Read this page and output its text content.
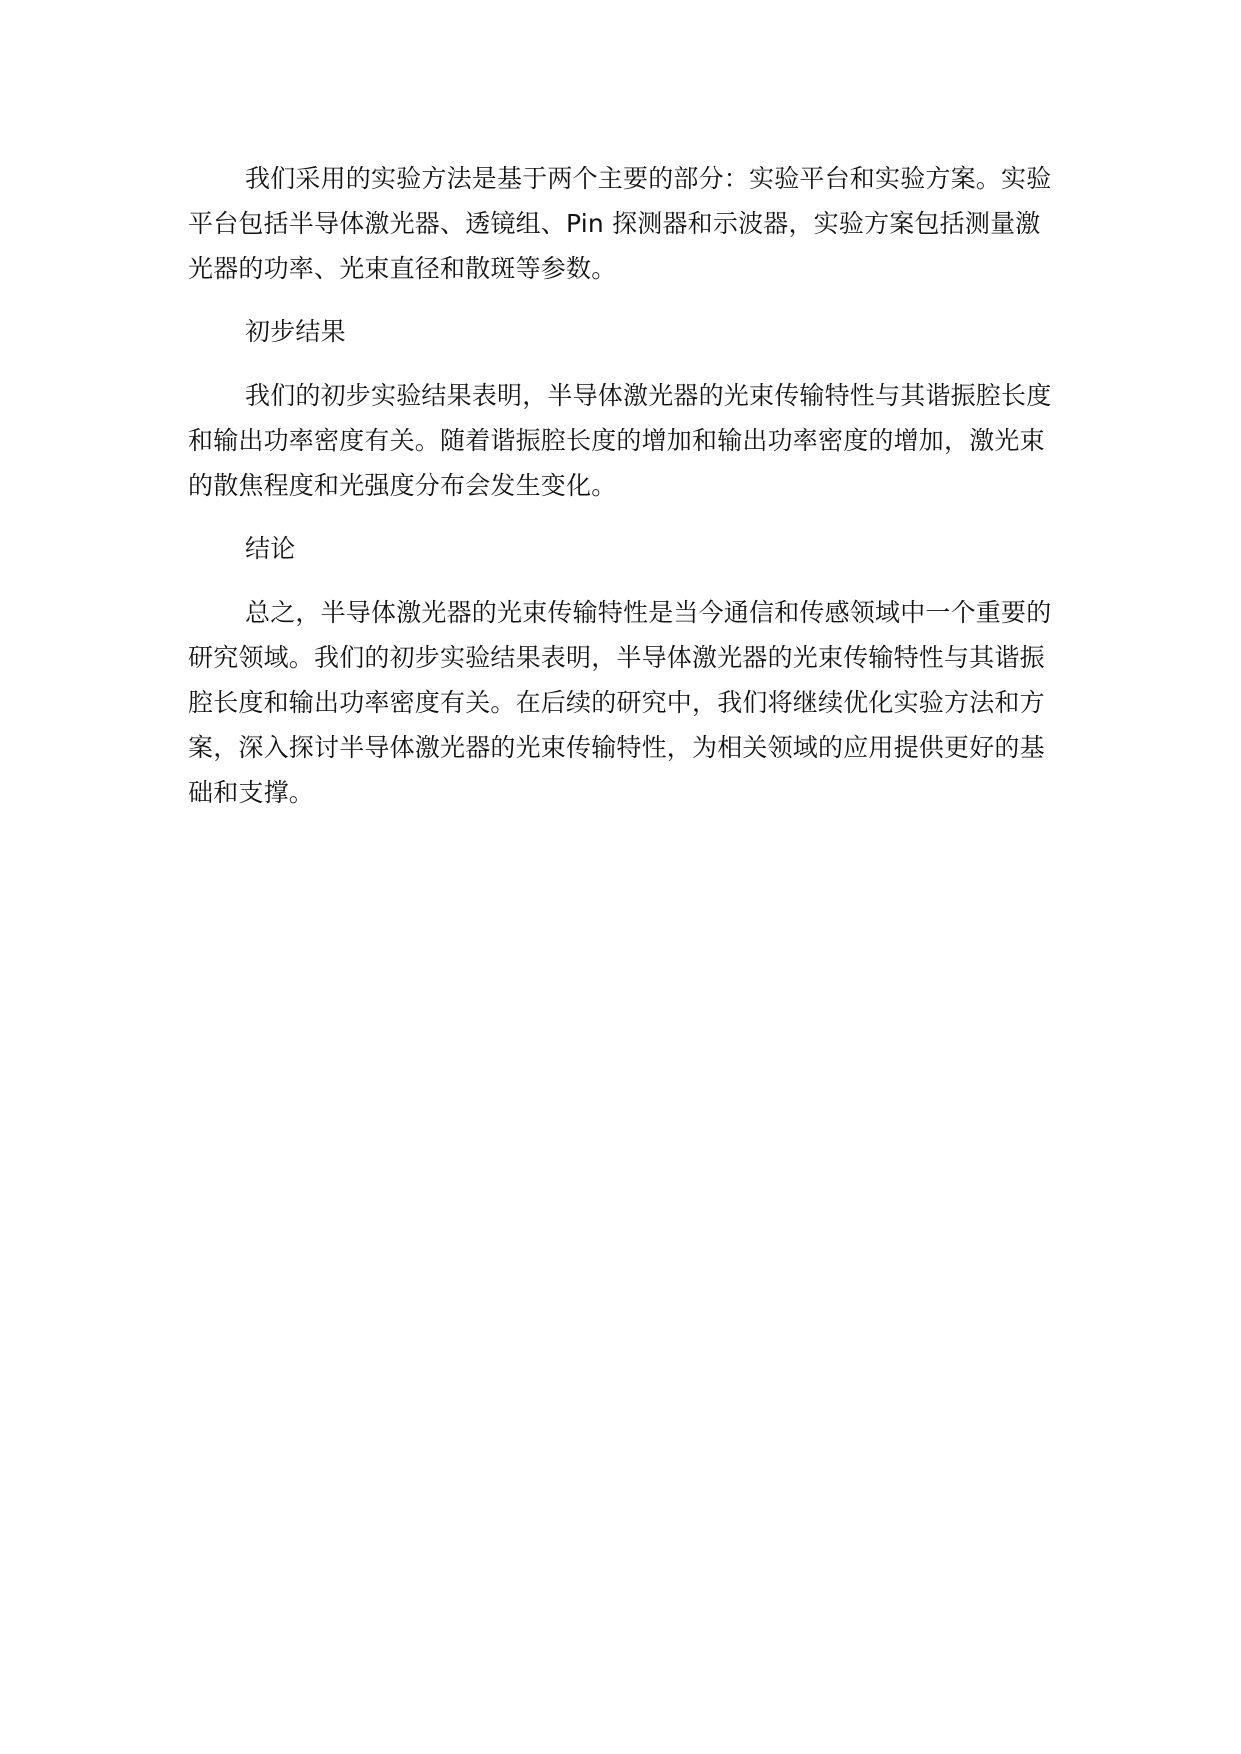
我们采用的实验方法是基于两个主要的部分：实验平台和实验方案。实验平台包括半导体激光器、透镜组、Pin 探测器和示波器，实验方案包括测量激光器的功率、光束直径和散斑等参数。

初步结果

我们的初步实验结果表明，半导体激光器的光束传输特性与其谐振腔长度和输出功率密度有关。随着谐振腔长度的增加和输出功率密度的增加，激光束的散焦程度和光强度分布会发生变化。

结论

总之，半导体激光器的光束传输特性是当今通信和传感领域中一个重要的研究领域。我们的初步实验结果表明，半导体激光器的光束传输特性与其谐振腔长度和输出功率密度有关。在后续的研究中，我们将继续优化实验方法和方案，深入探讨半导体激光器的光束传输特性，为相关领域的应用提供更好的基础和支撑。
